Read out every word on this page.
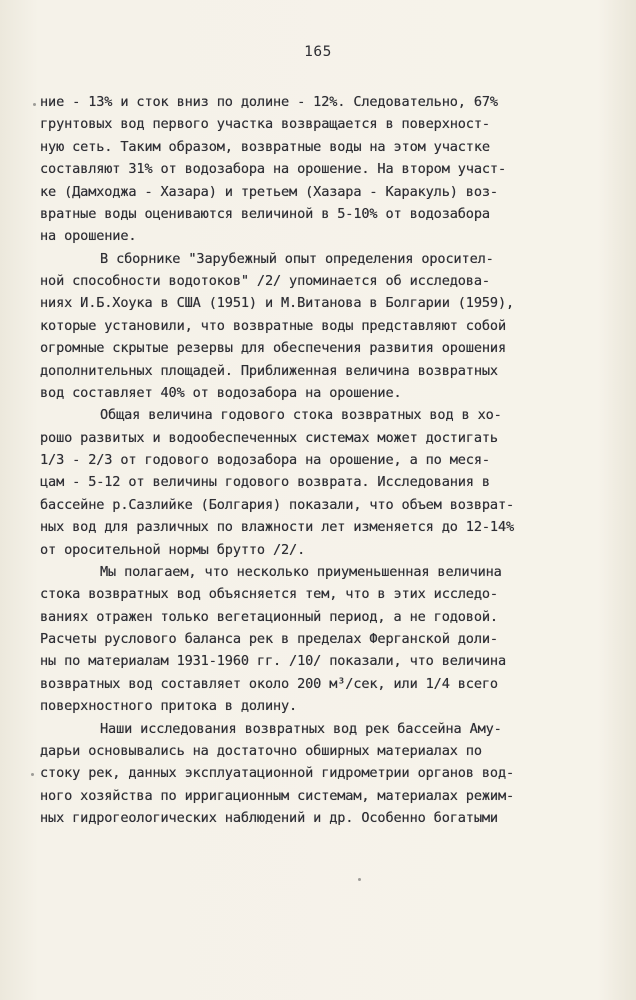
165
ние - 13% и сток вниз по долине - 12%. Следовательно, 67%
грунтовых вод первого участка возвращается в поверхност-
ную сеть. Таким образом, возвратные воды на этом участке
составляют 31% от водозабора на орошение. На втором участ-
ке (Дамходжа - Хазара) и третьем (Хазара - Каракуль) воз-
вратные воды оцениваются величиной в 5-10% от водозабора
на орошение.
В сборнике "Зарубежный опыт определения оросител-
ной способности водотоков" /2/ упоминается об исследова-
ниях И.Б.Хоука в США (1951) и М.Витанова в Болгарии (1959),
которые установили, что возвратные воды представляют собой
огромные скрытые резервы для обеспечения развития орошения
дополнительных площадей. Приближенная величина возвратных
вод составляет 40% от водозабора на орошение.
Общая величина годового стока возвратных вод в хо-
рошо развитых и водообеспеченных системах может достигать
1/3 - 2/3 от годового водозабора на орошение, а по меся-
цам - 5-12 от величины годового возврата. Исследования в
бассейне р.Сазлийке (Болгария) показали, что объем возврат-
ных вод для различных по влажности лет изменяется до 12-14%
от оросительной нормы брутто /2/.
Мы полагаем, что несколько приуменьшенная величина
стока возвратных вод объясняется тем, что в этих исследо-
ваниях отражен только вегетационный период, а не годовой.
Расчеты руслового баланса рек в пределах Ферганской доли-
ны по материалам 1931-1960 гг. /10/ показали, что величина
возвратных вод составляет около 200 м³/сек, или 1/4 всего
поверхностного притока в долину.
Наши исследования возвратных вод рек бассейна Аму-
дарьи основывались на достаточно обширных материалах по
стоку рек, данных эксплуатационной гидрометрии органов вод-
ного хозяйства по ирригационным системам, материалах режим-
ных гидрогеологических наблюдений и др. Особенно богатыми
